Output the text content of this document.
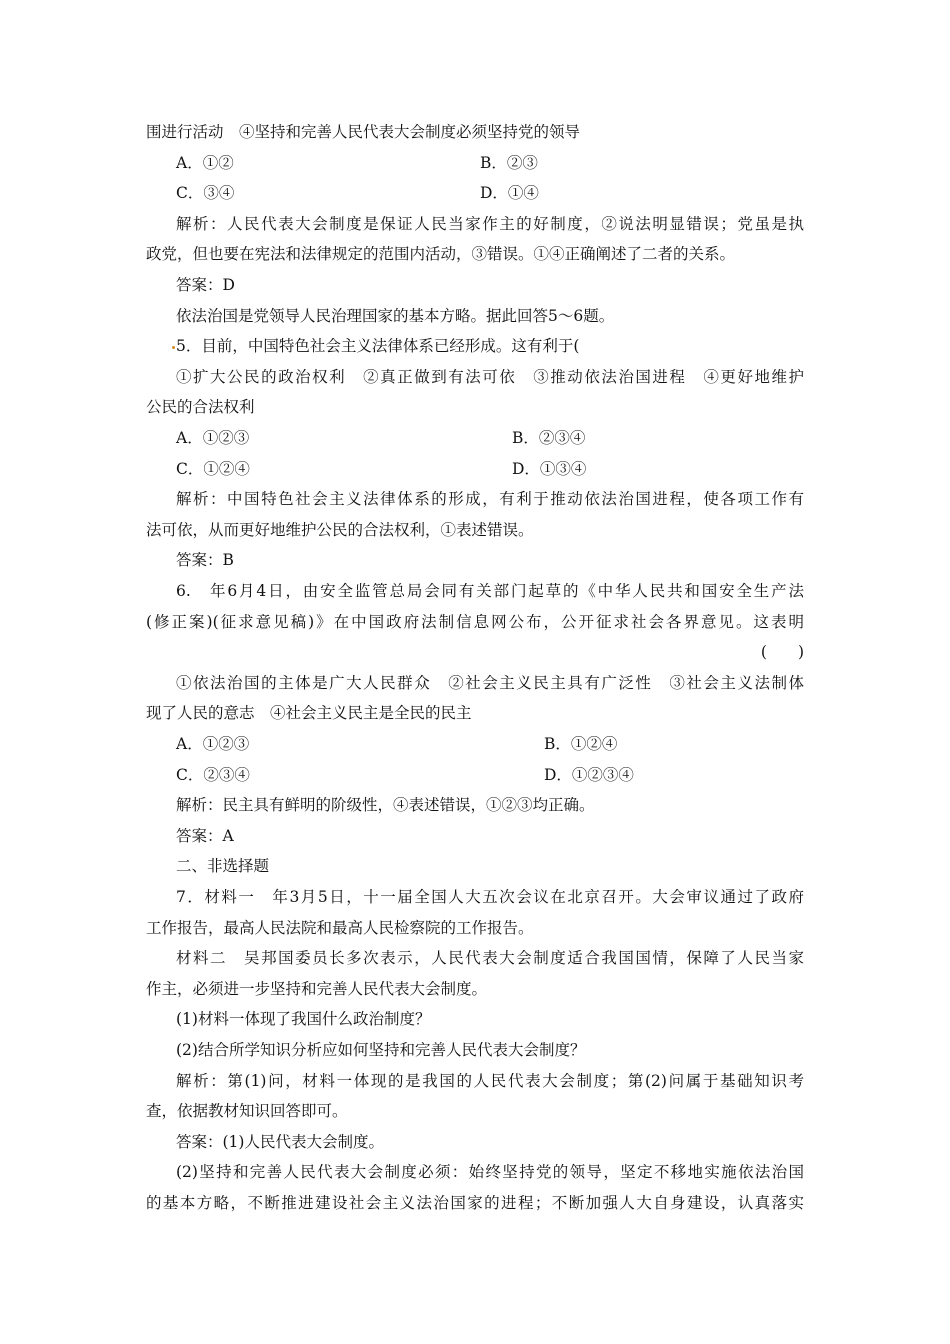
围进行活动　④坚持和完善人民代表大会制度必须坚持党的领导
A．①②	B．②③
C．③④	D．①④
解析：人民代表大会制度是保证人民当家作主的好制度，②说法明显错误；党虽是执
政党，但也要在宪法和法律规定的范围内活动，③错误。①④正确阐述了二者的关系。
答案：D
依法治国是党领导人民治理国家的基本方略。据此回答5～6题。
5．目前，中国特色社会主义法律体系已经形成。这有利于(
①扩大公民的政治权利　②真正做到有法可依　③推动依法治国进程　④更好地维护
公民的合法权利
A．①②③	B．②③④
C．①②④	D．①③④
解析：中国特色社会主义法律体系的形成，有利于推动依法治国进程，使各项工作有
法可依，从而更好地维护公民的合法权利，①表述错误。
答案：B
6.　年6月4日，由安全监管总局会同有关部门起草的《中华人民共和国安全生产法
(修正案)(征求意见稿)》在中国政府法制信息网公布，公开征求社会各界意见。这表明
(　　)
①依法治国的主体是广大人民群众　②社会主义民主具有广泛性　③社会主义法制体
现了人民的意志　④社会主义民主是全民的民主
A．①②③	B．①②④
C．②③④	D．①②③④
解析：民主具有鲜明的阶级性，④表述错误，①②③均正确。
答案：A
二、非选择题
7．材料一　年3月5日，十一届全国人大五次会议在北京召开。大会审议通过了政府
工作报告，最高人民法院和最高人民检察院的工作报告。
材料二　吴邦国委员长多次表示，人民代表大会制度适合我国国情，保障了人民当家
作主，必须进一步坚持和完善人民代表大会制度。
(1)材料一体现了我国什么政治制度？
(2)结合所学知识分析应如何坚持和完善人民代表大会制度？
解析：第(1)问，材料一体现的是我国的人民代表大会制度；第(2)问属于基础知识考
查，依据教材知识回答即可。
答案：(1)人民代表大会制度。
(2)坚持和完善人民代表大会制度必须：始终坚持党的领导，坚定不移地实施依法治国
的基本方略，不断推进建设社会主义法治国家的进程；不断加强人大自身建设，认真落实
